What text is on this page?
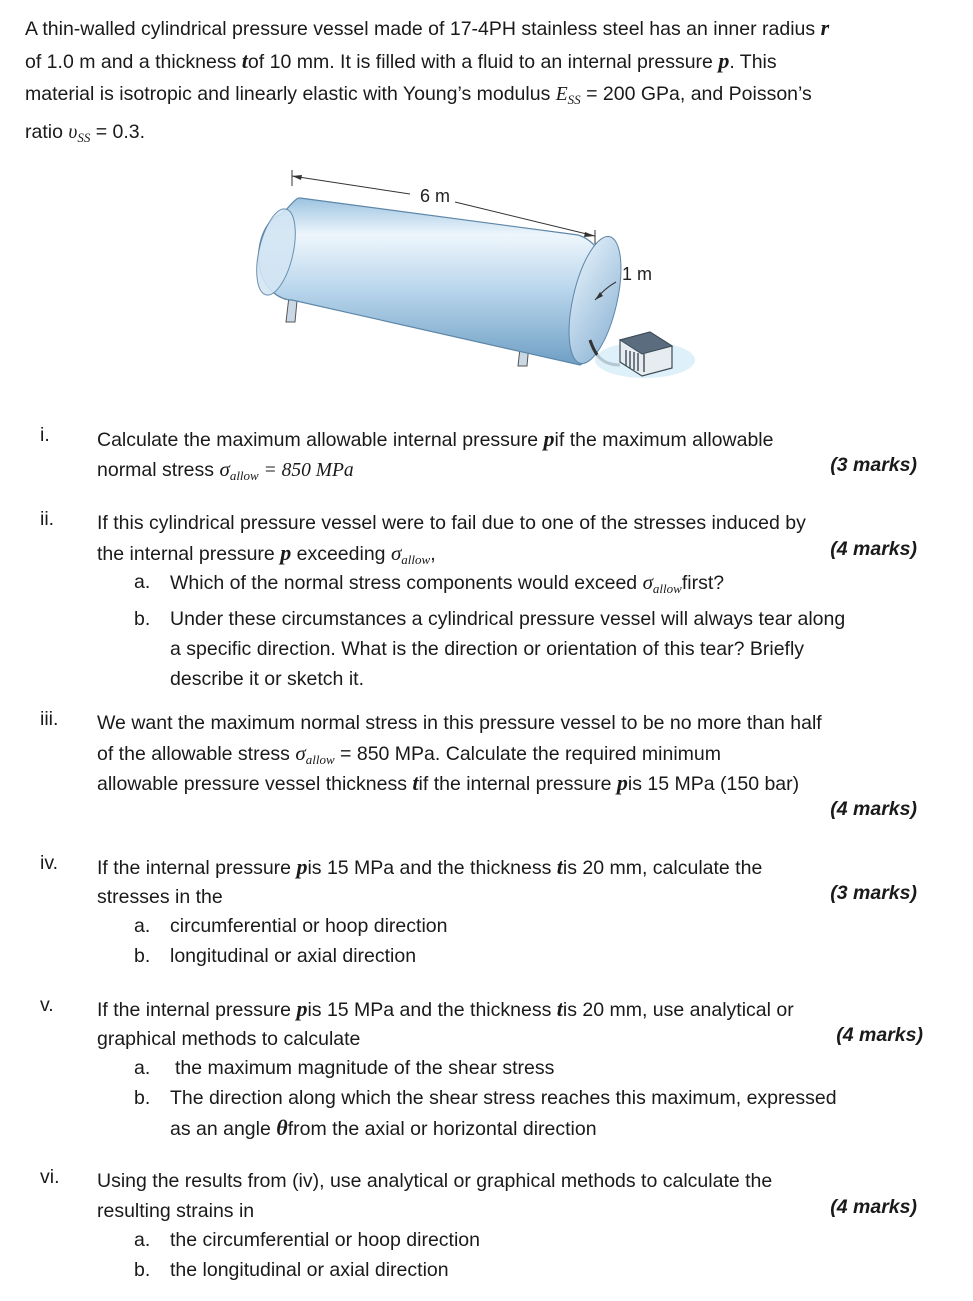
A thin-walled cylindrical pressure vessel made of 17-4PH stainless steel has an inner radius r
of 1.0 m and a thickness tof 10 mm. It is filled with a fluid to an internal pressure p. This
material is isotropic and linearly elastic with Young’s modulus $E_{SS} = 200$ GPa, and Poisson’s
ratio $\upsilon_{SS} = 0.3$.
6 m
1 m
i. Calculate the maximum allowable internal pressure pif the maximum allowable
normal stress $\sigma_{allow} = 850$ MPa	(3 marks)
ii. If this cylindrical pressure vessel were to fail due to one of the stresses induced by
the internal pressure p exceeding $\sigma_{allow}$,	(4 marks)
a. Which of the normal stress components would exceed $\sigma_{allow}first$?
b. Under these circumstances a cylindrical pressure vessel will always tear along
a specific direction. What is the direction or orientation of this tear? Briefly
describe it or sketch it.
iii. We want the maximum normal stress in this pressure vessel to be no more than half
of the allowable stress $\sigma_{allow} = 850$ MPa. Calculate the required minimum
allowable pressure vessel thickness tif the internal pressure pis 15 MPa (150 bar)
(4 marks)
iv. If the internal pressure pis 15 MPa and the thickness tis 20 mm, calculate the
stresses in the	(3 marks)
a. circumferential or hoop direction
b. longitudinal or axial direction
v. If the internal pressure pis 15 MPa and the thickness tis 20 mm, use analytical or
graphical methods to calculate	(4 marks)
a. the maximum magnitude of the shear stress
b. The direction along which the shear stress reaches this maximum, expressed
as an angle θfrom the axial or horizontal direction
vi. Using the results from (iv), use analytical or graphical methods to calculate the
resulting strains in	(4 marks)
a. the circumferential or hoop direction
b. the longitudinal or axial direction
